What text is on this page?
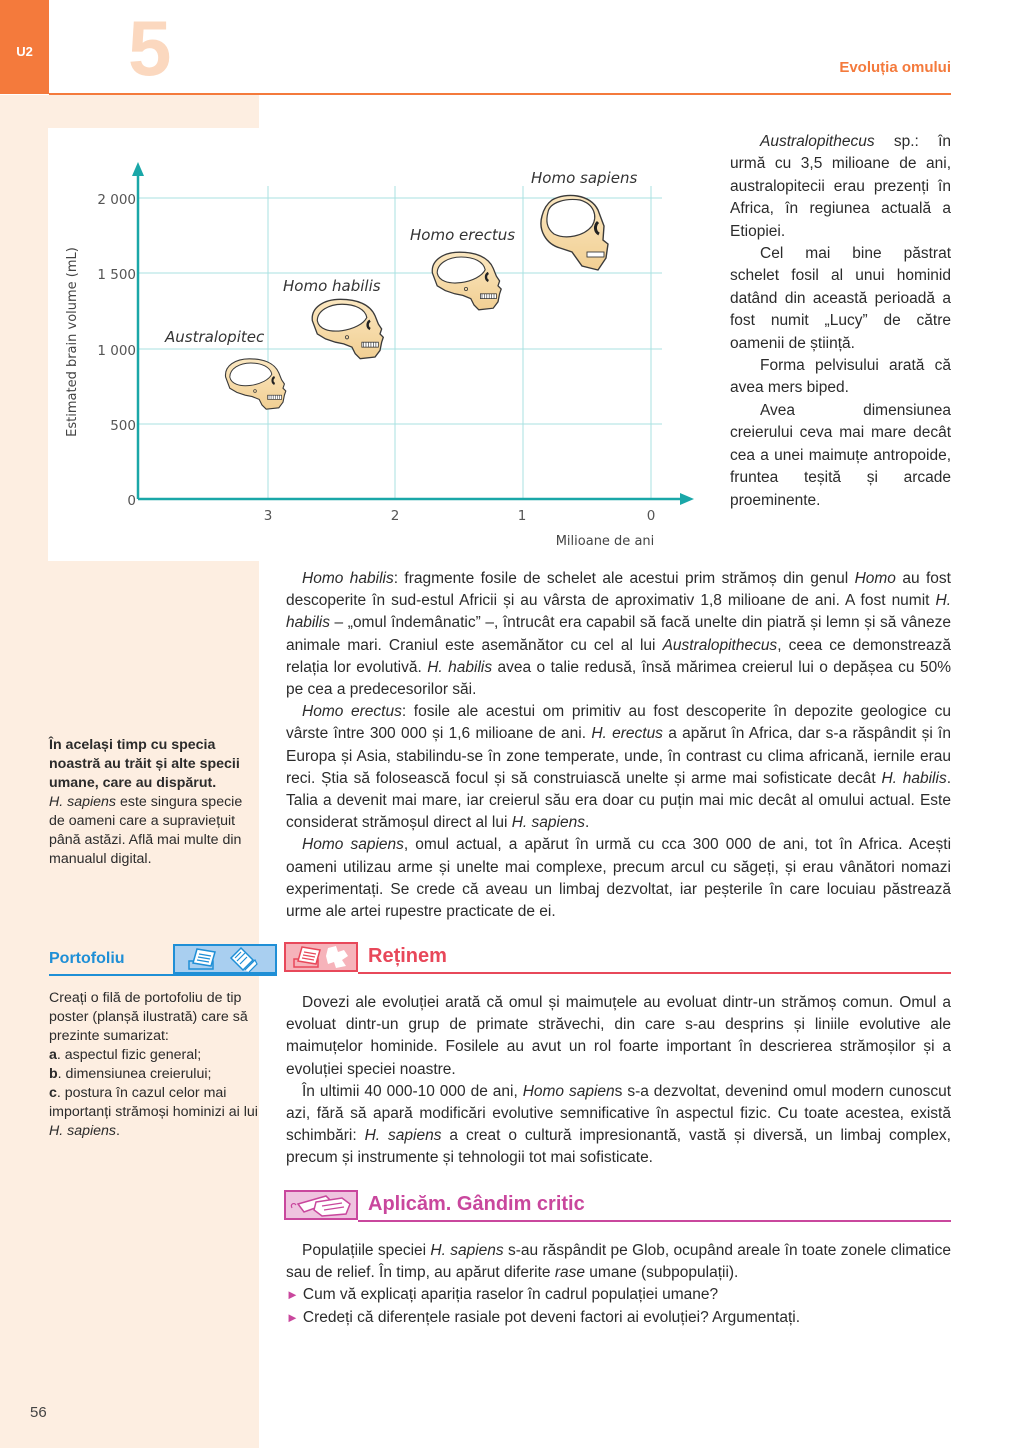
U2 5	Evoluția omului
2 000
1 500
1 000
500
0
3	2	1	0
Milioane de ani
Estimated brain volume (mL)	Australopitec
Homo habilis
Homo erectus
Homo sapiens

Australopithecus sp.: în urmă cu 3,5 milioane de ani, australopitecii erau prezenți în Africa, în regiunea actuală a Etiopiei.

Cel mai bine păstrat schelet fosil al unui hominid datând din această perioadă a fost numit „Lucy” de către oamenii de știință.

Forma pelvisului arată că avea mers biped.

Avea dimensiunea creierului ceva mai mare decât cea a unei maimuțe antropoide, fruntea teșită și arcade proeminente.

Homo habilis: fragmente fosile de schelet ale acestui prim strămoș din genul Homo au fost descoperite în sud-estul Africii și au vârsta de aproximativ 1,8 milioane de ani. A fost numit H. habilis – „omul îndemânatic” –, întrucât era capabil să facă unelte din piatră și lemn și să vâneze animale mari. Craniul este asemănător cu cel al lui Australopithecus, ceea ce demonstrează relația lor evolutivă. H. habilis avea o talie redusă, însă mărimea creierul lui o depășea cu 50% pe cea a predecesorilor săi.

Homo erectus: fosile ale acestui om primitiv au fost descoperite în depozite geologice cu vârste între 300 000 și 1,6 milioane de ani. H. erectus a apărut în Africa, dar s-a răspândit și în Europa și Asia, stabilindu-se în zone temperate, unde, în contrast cu clima africană, iernile erau reci. Știa să folosească focul și să construiască unelte și arme mai sofisticate decât H. habilis. Talia a devenit mai mare, iar creierul său era doar cu puțin mai mic decât al omului actual. Este considerat strămoșul direct al lui H. sapiens.

Homo sapiens, omul actual, a apărut în urmă cu cca 300 000 de ani, tot în Africa. Acești oameni utilizau arme și unelte mai complexe, precum arcul cu săgeți, și erau vânători nomazi experimentați. Se crede că aveau un limbaj dezvoltat, iar peșterile în care locuiau păstrează urme ale artei rupestre practicate de ei.

În același timp cu specia noastră au trăit și alte specii umane, care au dispărut.
H. sapiens este singura specie de oameni care a supraviețuit până astăzi. Află mai multe din manualul digital.
Portofoliu
Creați o filă de portofoliu de tip poster (planșă ilustrată) care să prezinte sumarizat:
a. aspectul fizic general;
b. dimensiunea creierului;
c. postura în cazul celor mai importanți strămoși hominizi ai lui H. sapiens.
Reținem

Dovezi ale evoluției arată că omul și maimuțele au evoluat dintr-un strămoș comun. Omul a evoluat dintr-un grup de primate străvechi, din care s-au desprins și liniile evolutive ale maimuțelor hominide. Fosilele au avut un rol foarte important în descrierea strămoșilor și a evoluției speciei noastre.

În ultimii 40 000-10 000 de ani, Homo sapiens s-a dezvoltat, devenind omul modern cunoscut azi, fără să apară modificări evolutive semnificative în aspectul fizic. Cu toate acestea, există schimbări: H. sapiens a creat o cultură impresionantă, vastă și diversă, un limbaj complex, precum și instrumente și tehnologii tot mai sofisticate.

Aplicăm. Gândim critic

Populațiile speciei H. sapiens s-au răspândit pe Glob, ocupând areale în toate zonele climatice sau de relief. În timp, au apărut diferite rase umane (subpopulații).

► Cum vă explicați apariția raselor în cadrul populației umane?

► Credeți că diferențele rasiale pot deveni factori ai evoluției? Argumentați.

56
